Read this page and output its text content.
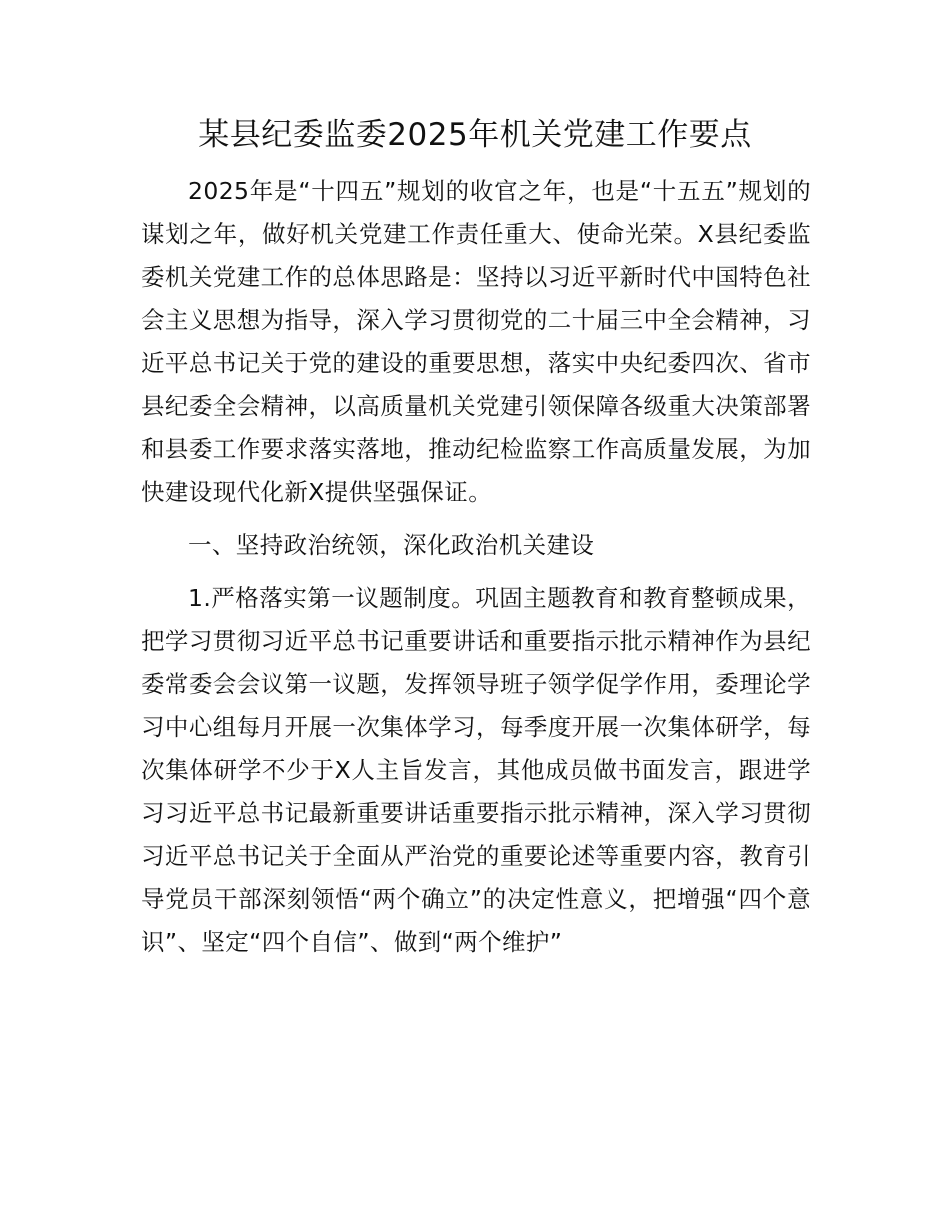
某县纪委监委2025年机关党建工作要点

2025年是“十四五”规划的收官之年，也是“十五五”规划的谋划之年，做好机关党建工作责任重大、使命光荣。X县纪委监委机关党建工作的总体思路是：坚持以习近平新时代中国特色社会主义思想为指导，深入学习贯彻党的二十届三中全会精神，习近平总书记关于党的建设的重要思想，落实中央纪委四次、省市县纪委全会精神，以高质量机关党建引领保障各级重大决策部署和县委工作要求落实落地，推动纪检监察工作高质量发展，为加快建设现代化新X提供坚强保证。

一、坚持政治统领，深化政治机关建设

1.严格落实第一议题制度。巩固主题教育和教育整顿成果，把学习贯彻习近平总书记重要讲话和重要指示批示精神作为县纪委常委会会议第一议题，发挥领导班子领学促学作用，委理论学习中心组每月开展一次集体学习，每季度开展一次集体研学，每次集体研学不少于X人主旨发言，其他成员做书面发言，跟进学习习近平总书记最新重要讲话重要指示批示精神，深入学习贯彻习近平总书记关于全面从严治党的重要论述等重要内容，教育引导党员干部深刻领悟“两个确立”的决定性意义，把增强“四个意识”、坚定“四个自信”、做到“两个维护”
